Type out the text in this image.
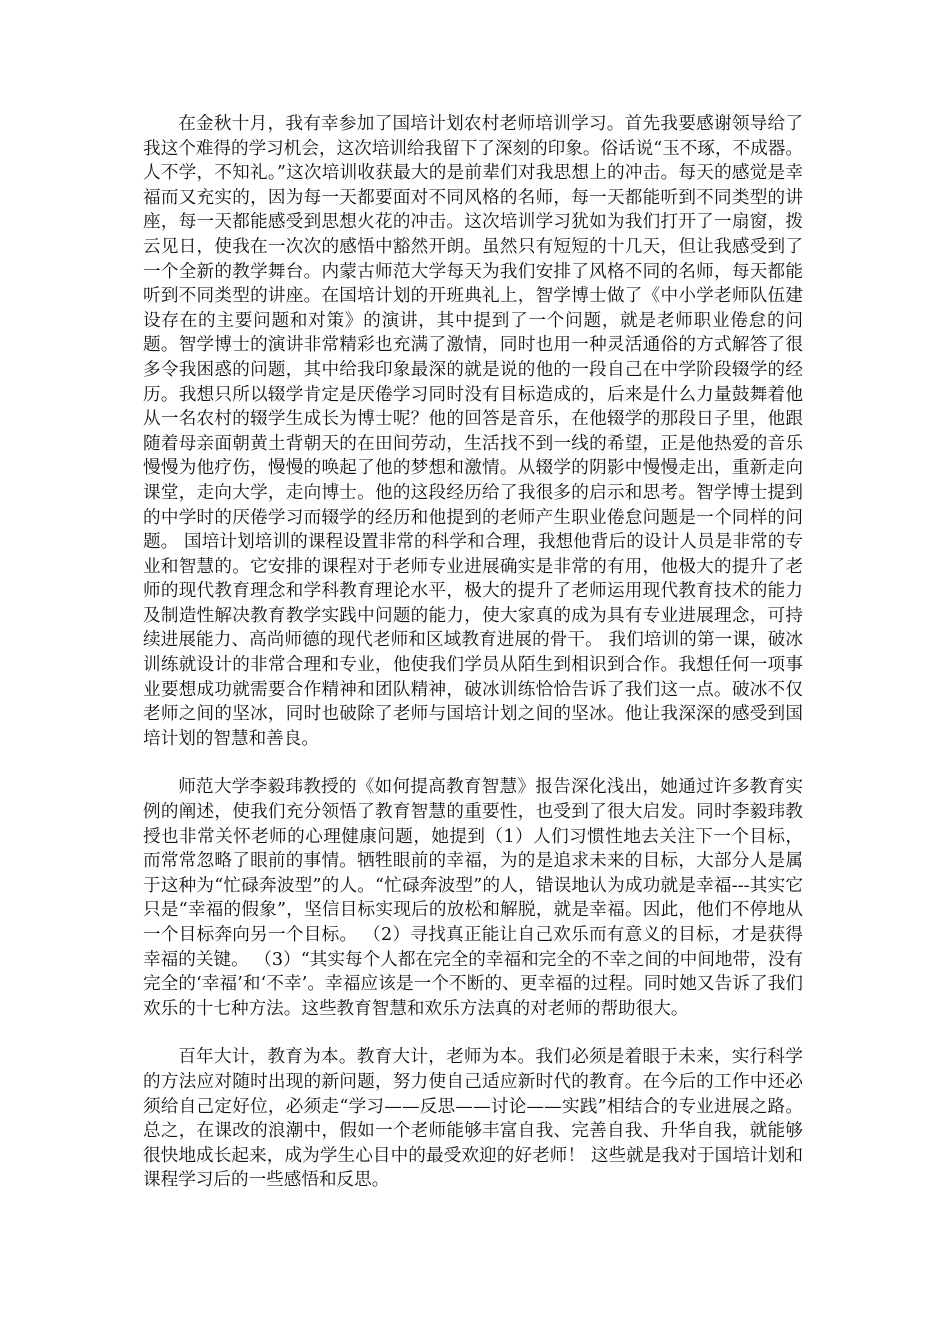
在金秋十月，我有幸参加了国培计划农村老师培训学习。首先我要感谢领导给了我这个难得的学习机会，这次培训给我留下了深刻的印象。俗话说“玉不琢，不成器。人不学，不知礼。”这次培训收获最大的是前辈们对我思想上的冲击。每天的感觉是幸福而又充实的，因为每一天都要面对不同风格的名师，每一天都能听到不同类型的讲座，每一天都能感受到思想火花的冲击。这次培训学习犹如为我们打开了一扇窗，拨云见日，使我在一次次的感悟中豁然开朗。虽然只有短短的十几天，但让我感受到了一个全新的教学舞台。内蒙古师范大学每天为我们安排了风格不同的名师，每天都能听到不同类型的讲座。在国培计划的开班典礼上，智学博士做了《中小学老师队伍建设存在的主要问题和对策》的演讲，其中提到了一个问题，就是老师职业倦怠的问题。智学博士的演讲非常精彩也充满了激情，同时也用一种灵活通俗的方式解答了很多令我困惑的问题，其中给我印象最深的就是说的他的一段自己在中学阶段辍学的经历。我想只所以辍学肯定是厌倦学习同时没有目标造成的，后来是什么力量鼓舞着他从一名农村的辍学生成长为博士呢？他的回答是音乐，在他辍学的那段日子里，他跟随着母亲面朝黄土背朝天的在田间劳动，生活找不到一线的希望，正是他热爱的音乐慢慢为他疗伤，慢慢的唤起了他的梦想和激情。从辍学的阴影中慢慢走出，重新走向课堂，走向大学，走向博士。他的这段经历给了我很多的启示和思考。智学博士提到的中学时的厌倦学习而辍学的经历和他提到的老师产生职业倦怠问题是一个同样的问题。 国培计划培训的课程设置非常的科学和合理，我想他背后的设计人员是非常的专业和智慧的。它安排的课程对于老师专业进展确实是非常的有用，他极大的提升了老师的现代教育理念和学科教育理论水平，极大的提升了老师运用现代教育技术的能力及制造性解决教育教学实践中问题的能力，使大家真的成为具有专业进展理念，可持续进展能力、高尚师德的现代老师和区域教育进展的骨干。 我们培训的第一课，破冰训练就设计的非常合理和专业，他使我们学员从陌生到相识到合作。我想任何一项事业要想成功就需要合作精神和团队精神，破冰训练恰恰告诉了我们这一点。破冰不仅老师之间的坚冰，同时也破除了老师与国培计划之间的坚冰。他让我深深的感受到国培计划的智慧和善良。

师范大学李毅玮教授的《如何提高教育智慧》报告深化浅出，她通过许多教育实例的阐述，使我们充分领悟了教育智慧的重要性，也受到了很大启发。同时李毅玮教授也非常关怀老师的心理健康问题，她提到（1）人们习惯性地去关注下一个目标，而常常忽略了眼前的事情。牺牲眼前的幸福，为的是追求未来的目标，大部分人是属于这种为“忙碌奔波型”的人。“忙碌奔波型”的人，错误地认为成功就是幸福---其实它只是“幸福的假象”，坚信目标实现后的放松和解脱，就是幸福。因此，他们不停地从一个目标奔向另一个目标。 （2）寻找真正能让自己欢乐而有意义的目标，才是获得幸福的关键。 （3）“其实每个人都在完全的幸福和完全的不幸之间的中间地带，没有完全的‘幸福’和‘不幸’。幸福应该是一个不断的、更幸福的过程。同时她又告诉了我们欢乐的十七种方法。这些教育智慧和欢乐方法真的对老师的帮助很大。

百年大计，教育为本。教育大计，老师为本。我们必须是着眼于未来，实行科学的方法应对随时出现的新问题，努力使自己适应新时代的教育。在今后的工作中还必须给自己定好位，必须走“学习——反思——讨论——实践”相结合的专业进展之路。 总之，在课改的浪潮中，假如一个老师能够丰富自我、完善自我、升华自我，就能够很快地成长起来，成为学生心目中的最受欢迎的好老师！ 这些就是我对于国培计划和课程学习后的一些感悟和反思。
